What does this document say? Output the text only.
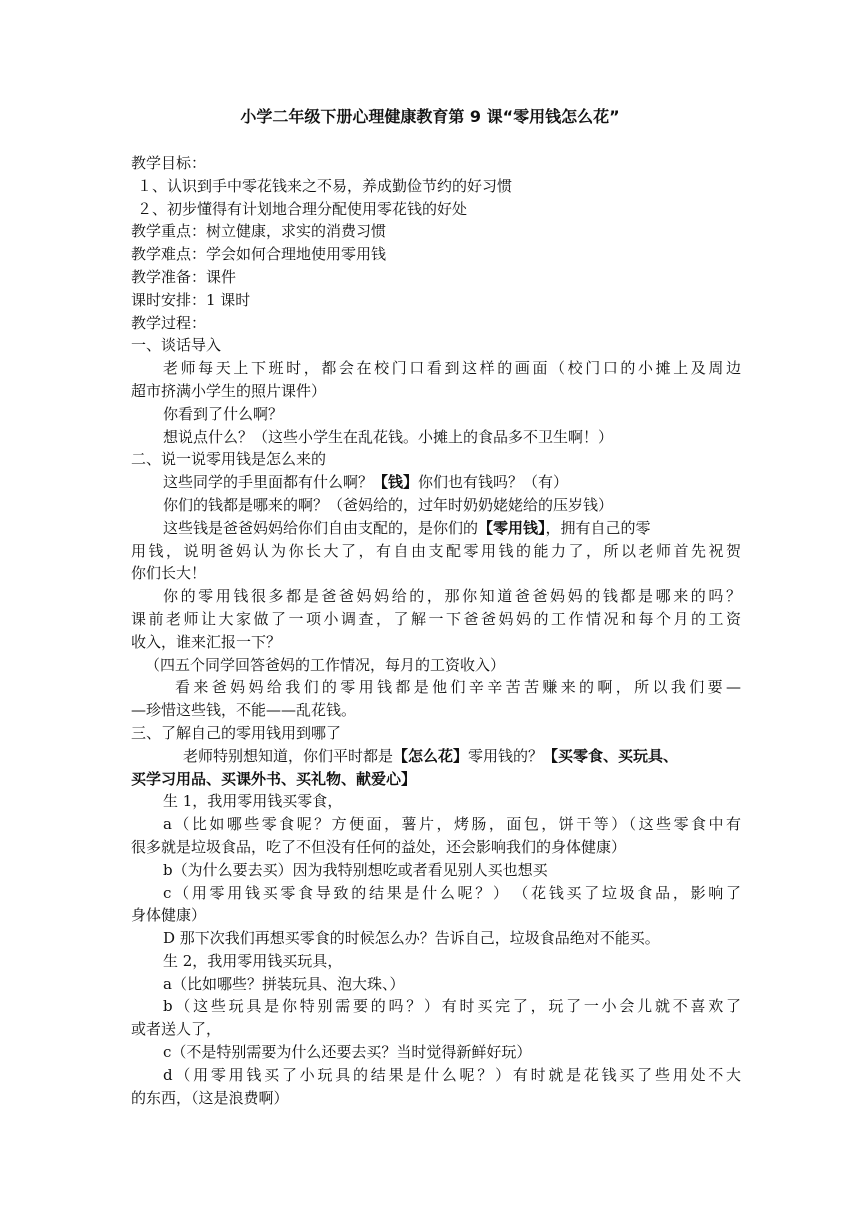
小学二年级下册心理健康教育第 9 课“零用钱怎么花”
教学目标：
１、认识到手中零花钱来之不易，养成勤俭节约的好习惯
２、初步懂得有计划地合理分配使用零花钱的好处
教学重点：树立健康，求实的消费习惯
教学难点：学会如何合理地使用零用钱
教学准备：课件
课时安排：1 课时
教学过程：
一、谈话导入
老师每天上下班时，都会在校门口看到这样的画面（校门口的小摊上及周边
超市挤满小学生的照片课件）
你看到了什么啊？
想说点什么？（这些小学生在乱花钱。小摊上的食品多不卫生啊！）
二、说一说零用钱是怎么来的
这些同学的手里面都有什么啊？【钱】你们也有钱吗？（有）
你们的钱都是哪来的啊？（爸妈给的，过年时奶奶姥姥给的压岁钱）
这些钱是爸爸妈妈给你们自由支配的，是你们的【零用钱】，拥有自己的零
用钱，说明爸妈认为你长大了，有自由支配零用钱的能力了，所以老师首先祝贺
你们长大！
你的零用钱很多都是爸爸妈妈给的，那你知道爸爸妈妈的钱都是哪来的吗？
课前老师让大家做了一项小调查，了解一下爸爸妈妈的工作情况和每个月的工资
收入，谁来汇报一下？
（四五个同学回答爸妈的工作情况，每月的工资收入）
看来爸妈妈给我们的零用钱都是他们辛辛苦苦赚来的啊，所以我们要—
—珍惜这些钱，不能——乱花钱。
三、了解自己的零用钱用到哪了
老师特别想知道，你们平时都是【怎么花】零用钱的？【买零食、买玩具、
买学习用品、买课外书、买礼物、献爱心】
生 1，我用零用钱买零食，
a（比如哪些零食呢？方便面，薯片，烤肠，面包，饼干等）（这些零食中有
很多就是垃圾食品，吃了不但没有任何的益处，还会影响我们的身体健康）
b（为什么要去买）因为我特别想吃或者看见别人买也想买
c（用零用钱买零食导致的结果是什么呢？）　（花钱买了垃圾食品，影响了
身体健康）
D 那下次我们再想买零食的时候怎么办？告诉自己，垃圾食品绝对不能买。
生 2，我用零用钱买玩具，
a（比如哪些？拼装玩具、泡大珠、）
b（这些玩具是你特别需要的吗？）有时买完了，玩了一小会儿就不喜欢了
或者送人了，
c（不是特别需要为什么还要去买？当时觉得新鲜好玩）
d（用零用钱买了小玩具的结果是什么呢？）有时就是花钱买了些用处不大
的东西，（这是浪费啊）
